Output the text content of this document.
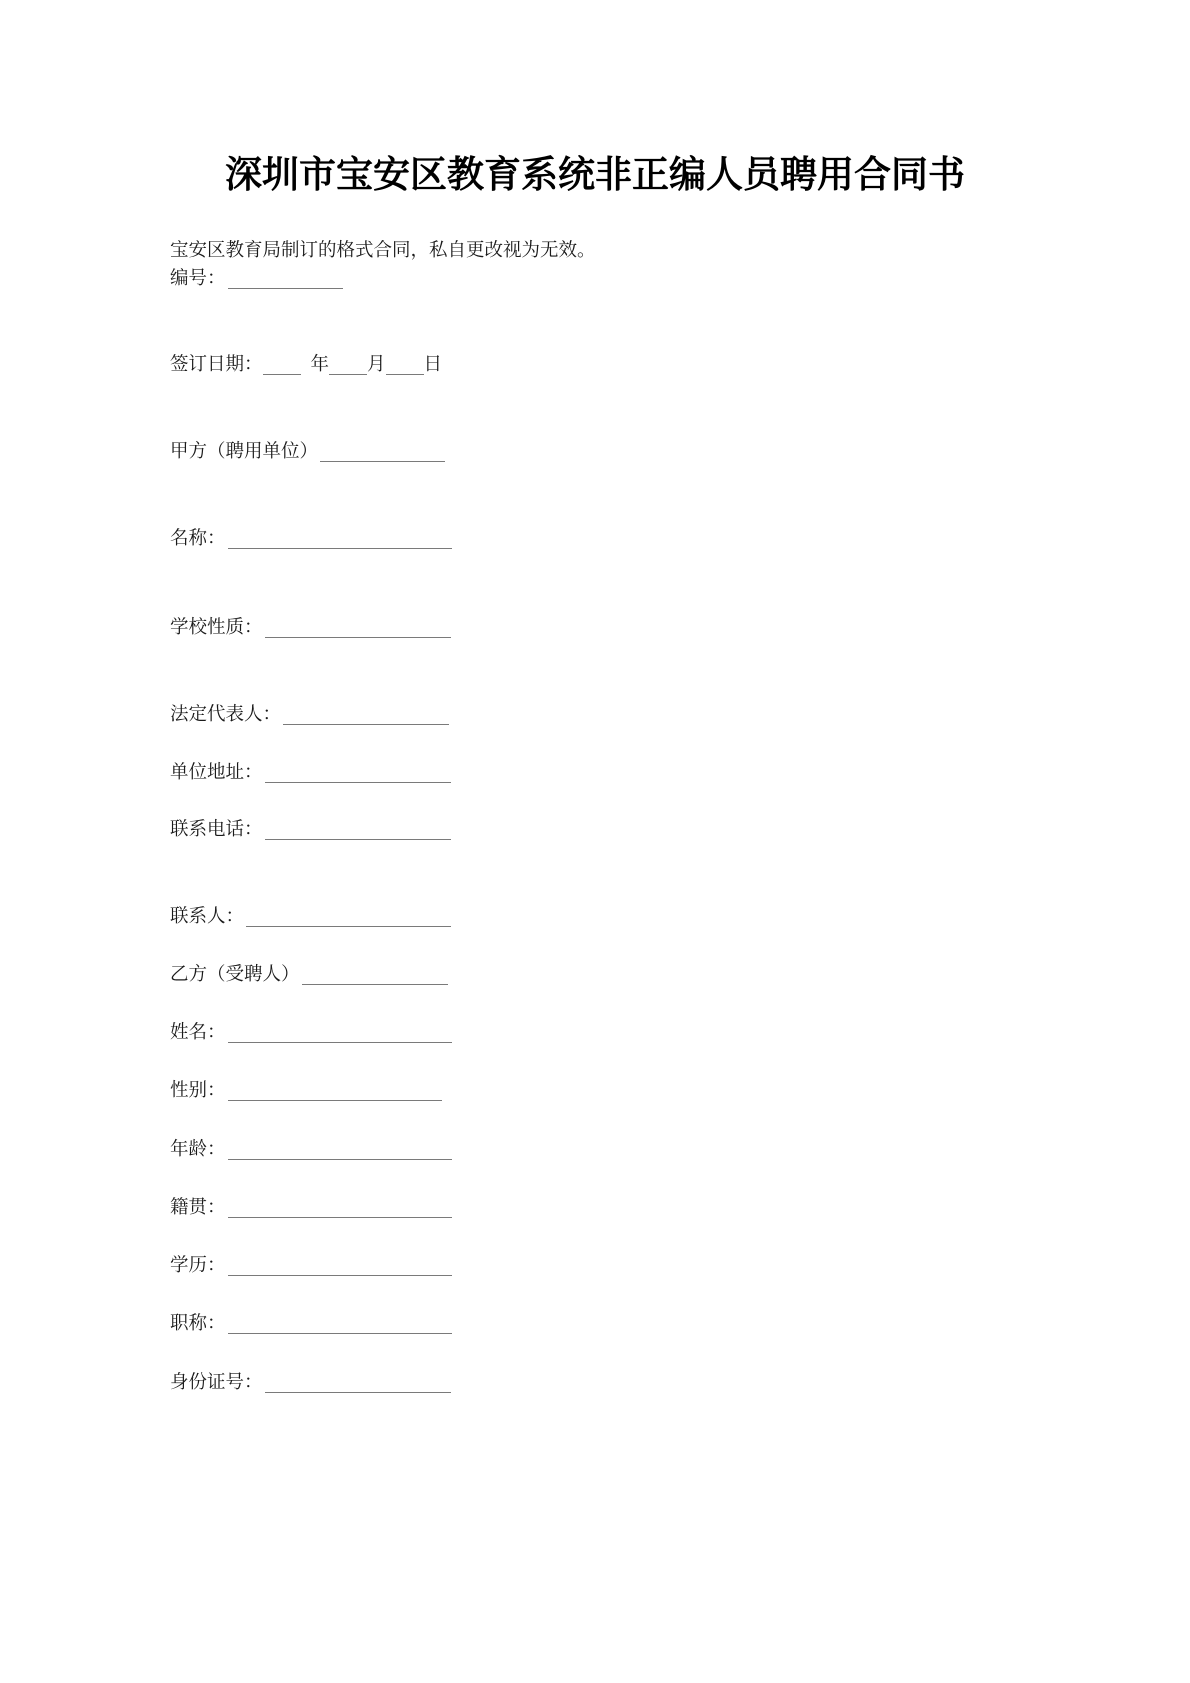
深圳市宝安区教育系统非正编人员聘用合同书
宝安区教育局制订的格式合同，私自更改视为无效。
编号：
签订日期：	年 月 日
甲方（聘用单位）
名称：
学校性质：
法定代表人：
单位地址：
联系电话：
联系人：
乙方（受聘人）
姓名：
性别：
年龄：
籍贯：
学历：
职称：
身份证号：
